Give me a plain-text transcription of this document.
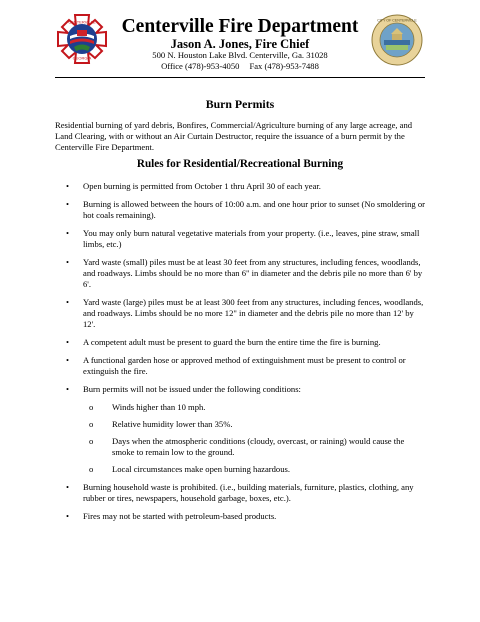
CENTERVILLE
GEORGIA
CITY OF CENTERVILLE
Centerville Fire Department
Jason A. Jones, Fire Chief
500 N. Houston Lake Blvd. Centerville, Ga. 31028
Office (478)-953-4050 Fax (478)-953-7488
Burn Permits
Residential burning of yard debris, Bonfires, Commercial/Agriculture burning of any large acreage, and Land Clearing, with or without an Air Curtain Destructor, require the issuance of a burn permit by the Centerville Fire Department.
Rules for Residential/Recreational Burning
• Open burning is permitted from October 1 thru April 30 of each year.
• Burning is allowed between the hours of 10:00 a.m. and one hour prior to sunset (No smoldering or hot coals remaining).
• You may only burn natural vegetative materials from your property. (i.e., leaves, pine straw, small limbs, etc.)
• Yard waste (small) piles must be at least 30 feet from any structures, including fences, woodlands, and roadways. Limbs should be no more than 6" in diameter and the debris pile no more than 6' by 6'.
• Yard waste (large) piles must be at least 300 feet from any structures, including fences, woodlands, and roadways. Limbs should be no more 12" in diameter and the debris pile no more than 12' by 12'.
• A competent adult must be present to guard the burn the entire time the fire is burning.
• A functional garden hose or approved method of extinguishment must be present to control or extinguish the fire.
• Burn permits will not be issued under the following conditions:
o Winds higher than 10 mph.
o Relative humidity lower than 35%.
o Days when the atmospheric conditions (cloudy, overcast, or raining) would cause the smoke to remain low to the ground.
o Local circumstances make open burning hazardous.
• Burning household waste is prohibited. (i.e., building materials, furniture, plastics, clothing, any rubber or tires, newspapers, household garbage, boxes, etc.).
• Fires may not be started with petroleum-based products.
